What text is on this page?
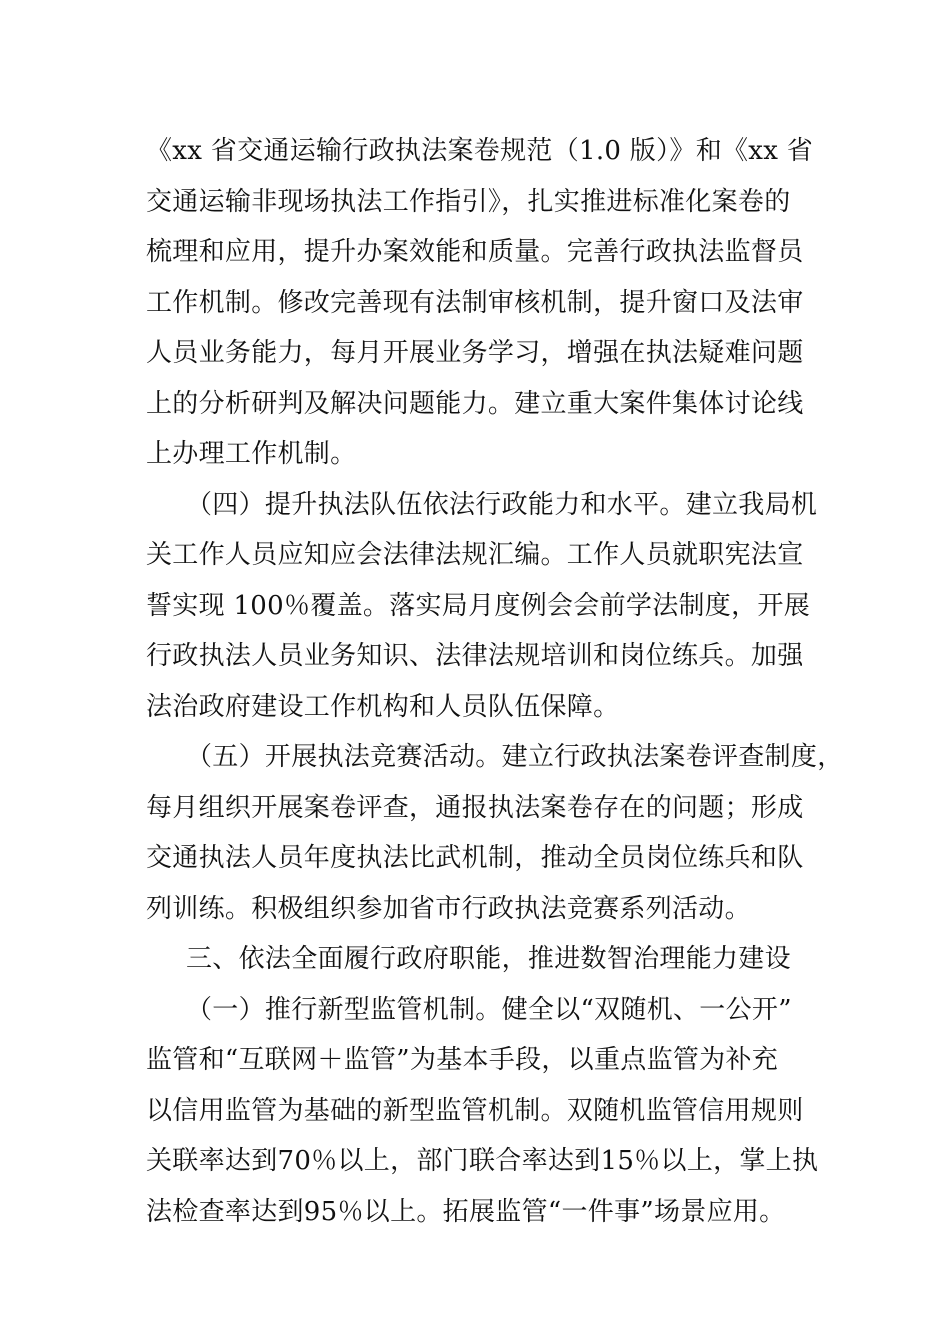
《xx 省交通运输行政执法案卷规范（1.0 版）》和《xx 省
交通运输非现场执法工作指引》，扎实推进标准化案卷的
梳理和应用，提升办案效能和质量。完善行政执法监督员
工作机制。修改完善现有法制审核机制，提升窗口及法审
人员业务能力，每月开展业务学习，增强在执法疑难问题
上的分析研判及解决问题能力。建立重大案件集体讨论线
上办理工作机制。

（四）提升执法队伍依法行政能力和水平。建立我局机
关工作人员应知应会法律法规汇编。工作人员就职宪法宣
誓实现 100％覆盖。落实局月度例会会前学法制度，开展
行政执法人员业务知识、法律法规培训和岗位练兵。加强
法治政府建设工作机构和人员队伍保障。

（五）开展执法竞赛活动。建立行政执法案卷评查制度，
每月组织开展案卷评查，通报执法案卷存在的问题；形成
交通执法人员年度执法比武机制，推动全员岗位练兵和队
列训练。积极组织参加省市行政执法竞赛系列活动。

三、依法全面履行政府职能，推进数智治理能力建设

（一）推行新型监管机制。健全以“双随机、一公开”
监管和“互联网＋监管”为基本手段，以重点监管为补充
以信用监管为基础的新型监管机制。双随机监管信用规则
关联率达到70％以上，部门联合率达到15％以上，掌上执
法检查率达到95％以上。拓展监管“一件事”场景应用。
